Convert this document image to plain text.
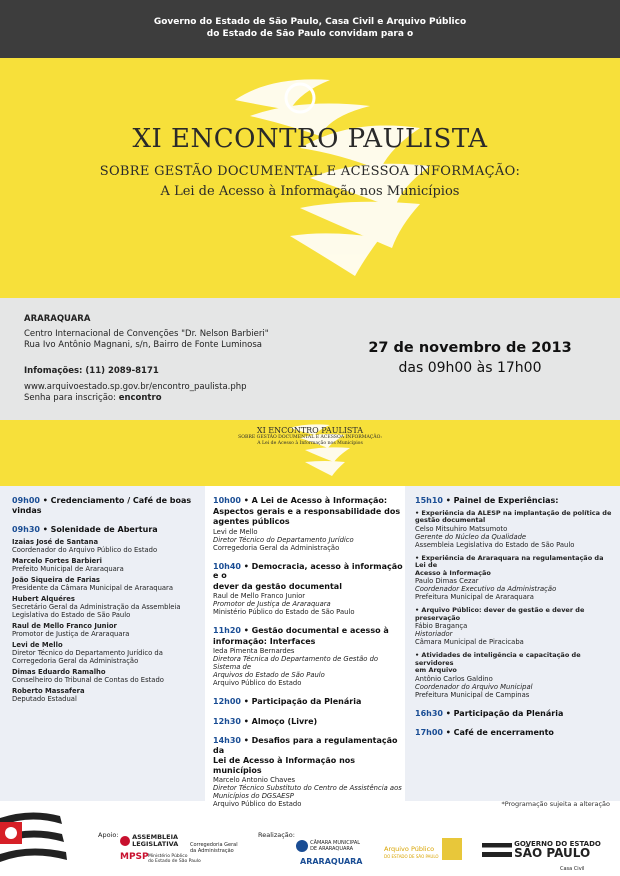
Governo do Estado de São Paulo, Casa Civil e Arquivo Público
do Estado de São Paulo convidam para o
XI ENCONTRO PAULISTA
SOBRE GESTÃO DOCUMENTAL E ACESSOA INFORMAÇÃO:
A Lei de Acesso à Informação nos Municípios
ARARAQUARA
Centro Internacional de Convenções "Dr. Nelson Barbieri"
Rua Ivo Antônio Magnani, s/n, Bairro de Fonte Luminosa
Infomações: (11) 2089-8171
www.arquivoestado.sp.gov.br/encontro_paulista.php
Senha para inscrição: encontro
27 de novembro de 2013
das 09h00 às 17h00
XI ENCONTRO PAULISTA
SOBRE GESTÃO DOCUMENTAL E ACESSOA INFORMAÇÃO:
A Lei de Acesso à Informação nos Municípios
09h00 • Credenciamento / Café de boas vindas
09h30 • Solenidade de Abertura
Izaias José de Santana
Coordenador do Arquivo Público do Estado
Marcelo Fortes Barbieri
Prefeito Municipal de Araraquara
João Siqueira de Farias
Presidente da Câmara Municipal de Araraquara
Hubert Alquéres
Secretário Geral da Administração da Assembleia
Legislativa do Estado de São Paulo
Raul de Mello Franco Junior
Promotor de Justiça de Araraquara
Levi de Mello
Diretor Técnico do Departamento Jurídico da
Corregedoria Geral da Administração
Dimas Eduardo Ramalho
Conselheiro do Tribunal de Contas do Estado
Roberto Massafera
Deputado Estadual
10h00 • A Lei de Acesso à Informação:
Aspectos gerais e a responsabilidade dos
agentes públicos
Levi de Mello
Diretor Técnico do Departamento Jurídico
Corregedoria Geral da Administração
10h40 • Democracia, acesso à informação e o
dever da gestão documental
Raul de Mello Franco Junior
Promotor de Justiça de Araraquara
Ministério Público do Estado de São Paulo
11h20 • Gestão documental e acesso à
informação: Interfaces
Ieda Pimenta Bernardes
Diretora Técnica do Departamento de Gestão do Sistema de
Arquivos do Estado de São Paulo
Arquivo Público do Estado
12h00 • Participação da Plenária
12h30 • Almoço (Livre)
14h30 • Desafios para a regulamentação da
Lei de Acesso à Informação nos municípios
Marcelo Antonio Chaves
Diretor Técnico Substituto do Centro de Assistência aos
Municípios do DGSAESP
Arquivo Público do Estado
15h10 • Painel de Experiências:
• Experiência da ALESP na implantação de política de
gestão documental
Celso Mitsuhiro Matsumoto
Gerente do Núcleo da Qualidade
Assembleia Legislativa do Estado de São Paulo
• Experiência de Araraquara na regulamentação da Lei de
Acesso à Informação
Paulo Dimas Cezar
Coordenador Executivo da Administração
Prefeitura Municipal de Araraquara
• Arquivo Público: dever de gestão e dever de preservação
Fábio Bragança
Historiador
Câmara Municipal de Piracicaba
• Atividades de inteligência e capacitação de servidores
em Arquivo
Antônio Carlos Galdino
Coordenador do Arquivo Municipal
Prefeitura Municipal de Campinas
16h30 • Participação da Plenária
17h00 • Café de encerramento
*Programação sujeita a alteração
Apoio:	ASSEMBLEIA
LEGISLATIVA
MPSP Ministério Público
do Estado de São Paulo
Corregedoria Geral
da Administração
Realização:
CÂMARA MUNICIPAL
DE ARARAQUARA
ARARAQUARA
Arquivo Público
DO ESTADO DE SÃO PAULO
GOVERNO DO ESTADO
SÃO PAULO
Casa Civil
